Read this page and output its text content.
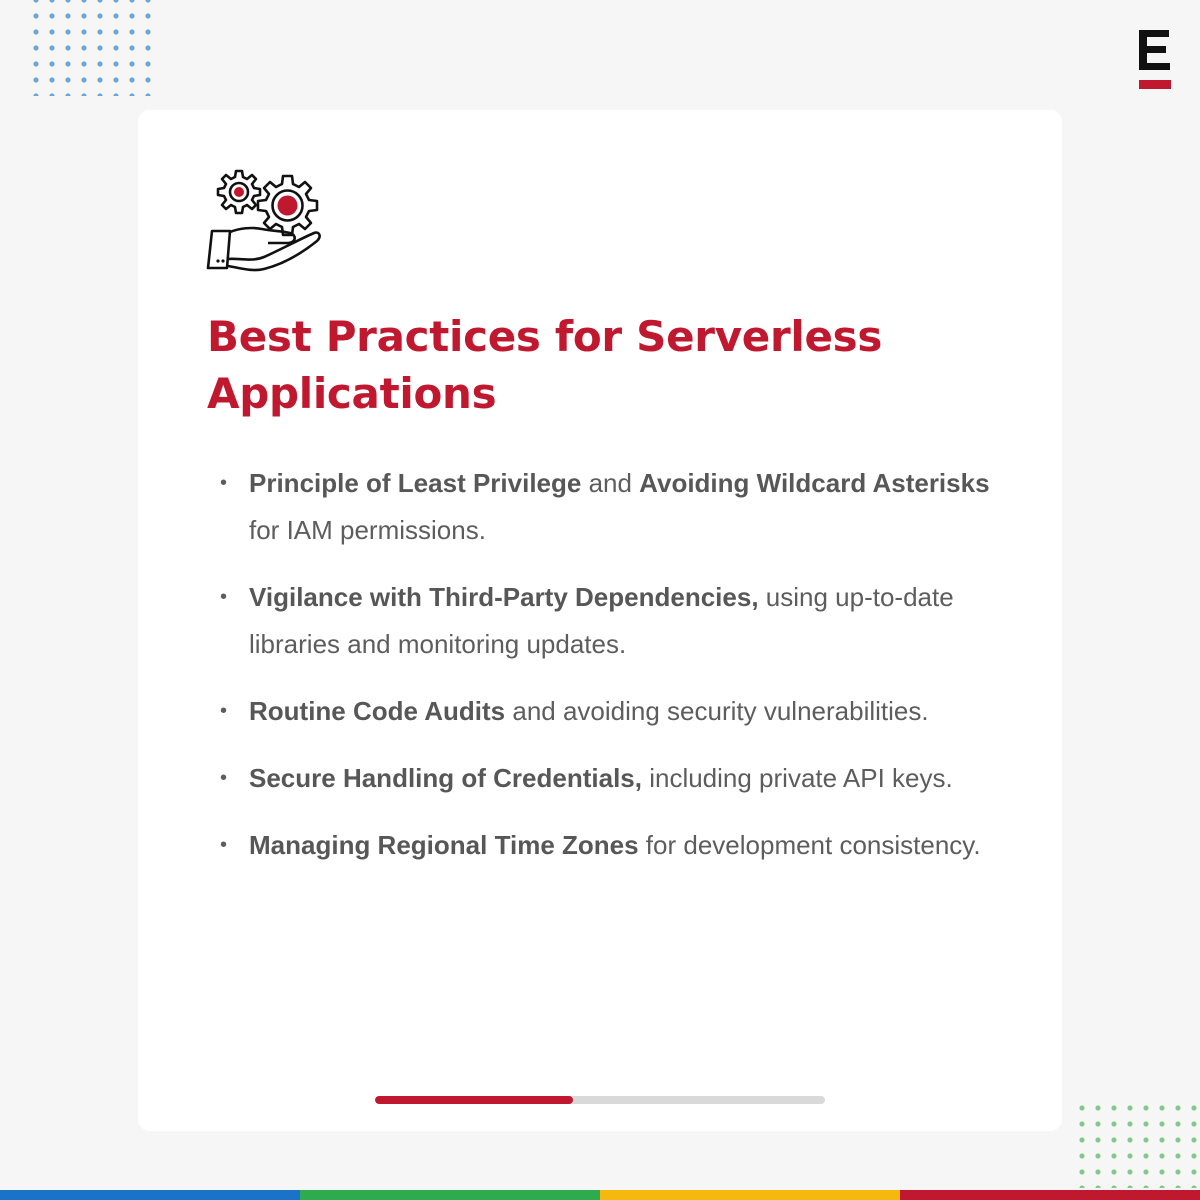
Best Practices for Serverless Applications
• Principle of Least Privilege and Avoiding Wildcard Asterisks for IAM permissions.
• Vigilance with Third-Party Dependencies, using up-to-date libraries and monitoring updates.
• Routine Code Audits and avoiding security vulnerabilities.
• Secure Handling of Credentials, including private API keys.
• Managing Regional Time Zones for development consistency.
